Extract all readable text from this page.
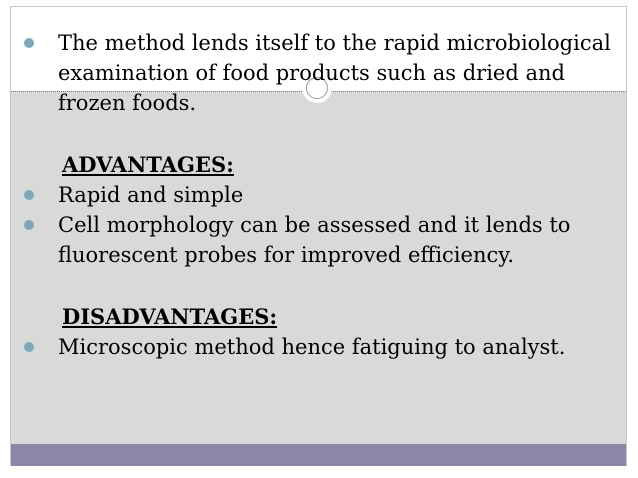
The method lends itself to the rapid microbiological examination of food products such as dried and frozen foods.

ADVANTAGES:

Rapid and simple

Cell morphology can be assessed and it lends to fluorescent probes for improved efficiency.

DISADVANTAGES:

Microscopic method hence fatiguing to analyst.
